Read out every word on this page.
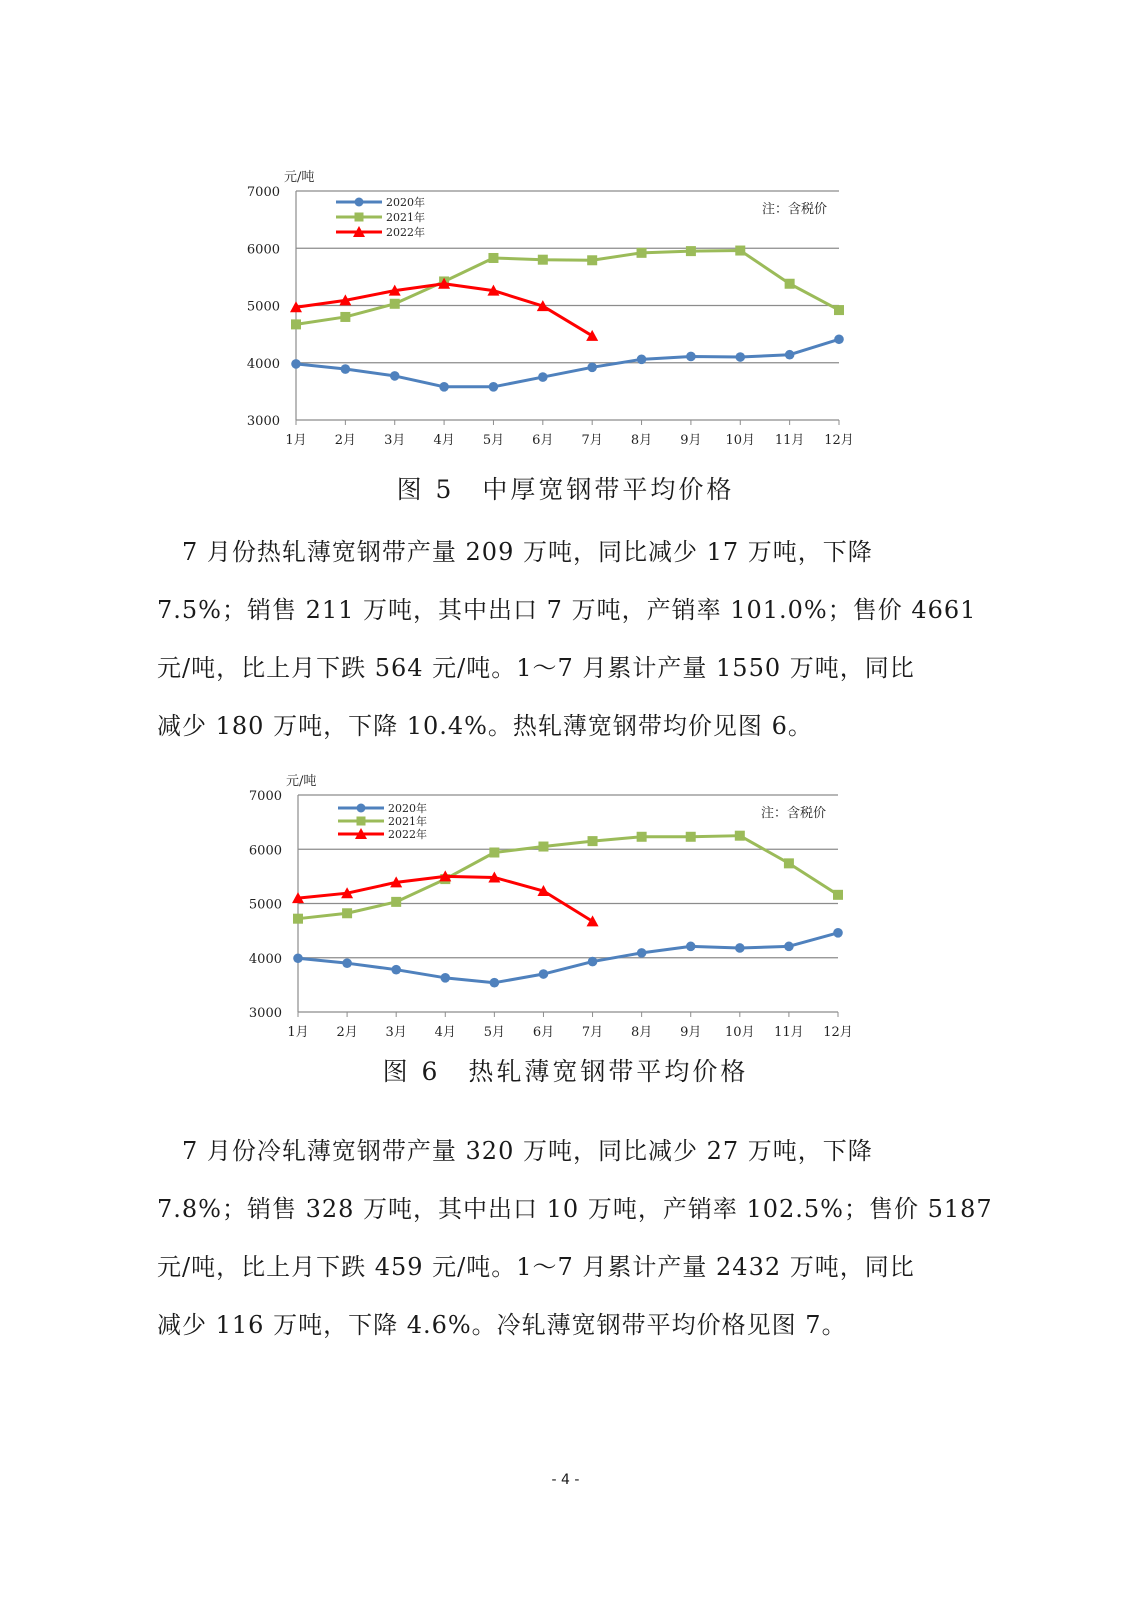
3000
4000
5000
6000
7000
1月 2月 3月 4月 5月 6月 7月 8月 9月 10月 11月 12月
元/吨
注：含税价
2020年
2021年
2022年
图 5　中厚宽钢带平均价格
　7 月份热轧薄宽钢带产量 209 万吨，同比减少 17 万吨，下降
7.5%；销售 211 万吨，其中出口 7 万吨，产销率 101.0%；售价 4661
元/吨，比上月下跌 564 元/吨。1～7 月累计产量 1550 万吨，同比
减少 180 万吨，下降 10.4%。热轧薄宽钢带均价见图 6。
3000
4000
5000
6000
7000
1月 2月 3月 4月 5月 6月 7月 8月 9月 10月 11月 12月
元/吨
注：含税价
2020年
2021年
2022年
图 6　热轧薄宽钢带平均价格
　7 月份冷轧薄宽钢带产量 320 万吨，同比减少 27 万吨，下降
7.8%；销售 328 万吨，其中出口 10 万吨，产销率 102.5%；售价 5187
元/吨，比上月下跌 459 元/吨。1～7 月累计产量 2432 万吨，同比
减少 116 万吨，下降 4.6%。冷轧薄宽钢带平均价格见图 7。
- 4 -
